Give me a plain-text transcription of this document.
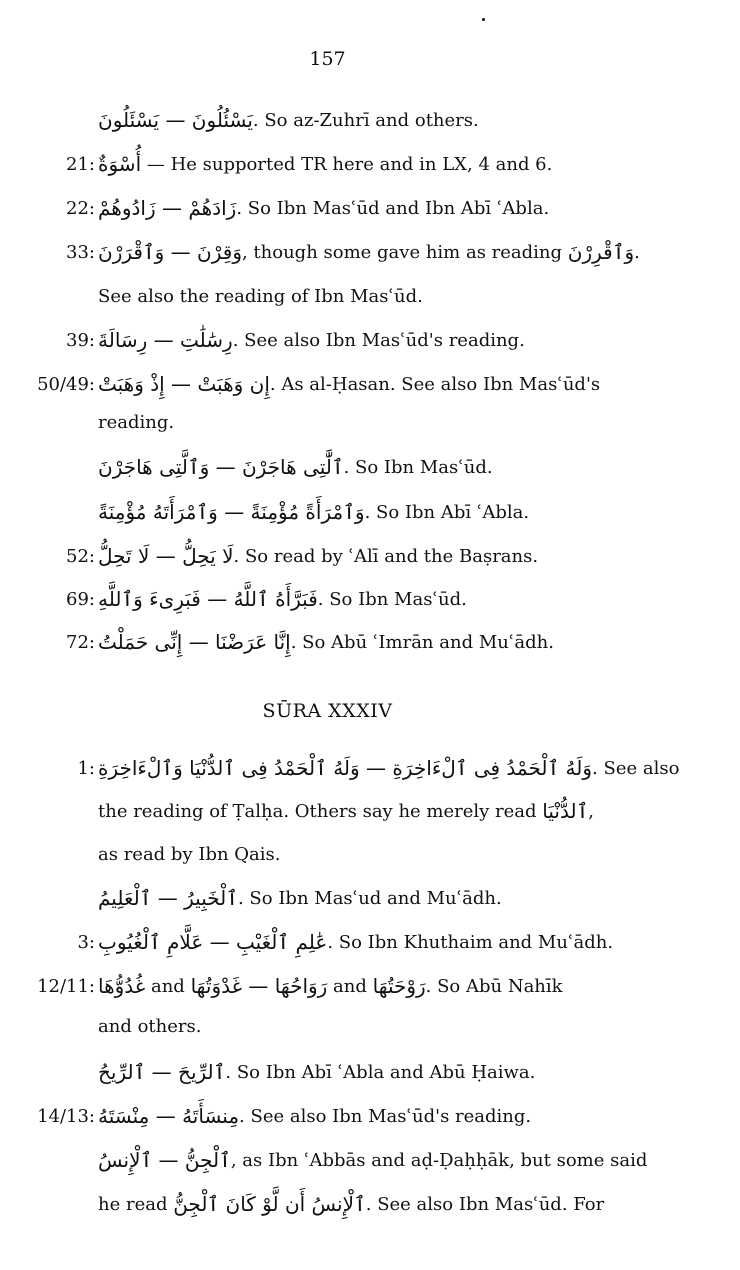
157
SŪRA XXXIV
يَسْئُلُونَ — يَسْئَلُونَ . So az-Zuhrī and others.
21: أُسْوَةٌ — He supported TR here and in LX, 4 and 6.
22: زَادَهُمْ — زَادُوهُمْ . So Ibn Masʿūd and Ibn Abī ʿAbla.
33: وَقِرْنَ — وَٱقْرَرْنَ , though some gave him as reading وَٱقْرِرْنَ .
See also the reading of Ibn Masʿūd.
39: رِسَٰلَٰتِ — رِسَالَةَ . See also Ibn Masʿūd's reading.
50/49: إِن وَهَبَتْ — إِذْ وَهَبَتْ . As al-Ḥasan. See also Ibn Masʿūd's
reading.
ٱلَّٰتِى هَاجَرْنَ — وَٱلَّتِى هَاجَرْنَ . So Ibn Masʿūd.
وَٱمْرَأَةً مُؤْمِنَةً — وَٱمْرَأَتَهُ مُؤْمِنَةً . So Ibn Abī ʿAbla.
52: لَا يَحِلُّ — لَا تَحِلُّ . So read by ʿAlī and the Baṣrans.
69: فَبَرَّأَهُ ٱللَّهُ — فَبَرِىءَ وَٱللَّهِ . So Ibn Masʿūd.
72: إِنَّا عَرَضْنَا — إِنِّى حَمَلْتُ . So Abū ʿImrān and Muʿādh.
1: وَلَهُ ٱلْحَمْدُ فِى ٱلْءَاخِرَةِ — وَلَهُ ٱلْحَمْدُ فِى ٱلدُّنْيَا وَٱلْءَاخِرَةِ . See also
the reading of Ṭalḥa. Others say he merely read ٱلدُّنْيَا ,
as read by Ibn Qais.
ٱلْخَبِيرُ — ٱلْعَلِيمُ . So Ibn Masʿud and Muʿādh.
3: عَٰلِمِ ٱلْغَيْبِ — عَلَّامِ ٱلْغُيُوبِ . So Ibn Khuthaim and Muʿādh.
12/11: غُدُوُّهَا and رَوَاحُهَا — غَدْوَتُهَا and رَوْحَتُهَا . So Abū Nahīk
and others.
ٱلرِّيحَ — ٱلرِّيحُ . So Ibn Abī ʿAbla and Abū Ḥaiwa.
14/13: مِنسَأَتَهُ — مِنْسَتَهُ . See also Ibn Masʿūd's reading.
ٱلْجِنُّ — ٱلْإِنسُ , as Ibn ʿAbbās and aḍ-Ḍaḥḥāk, but some said
he read ٱلْإِنسُ أَن لَّوْ كَانَ ٱلْجِنُّ . See also Ibn Masʿūd. For
